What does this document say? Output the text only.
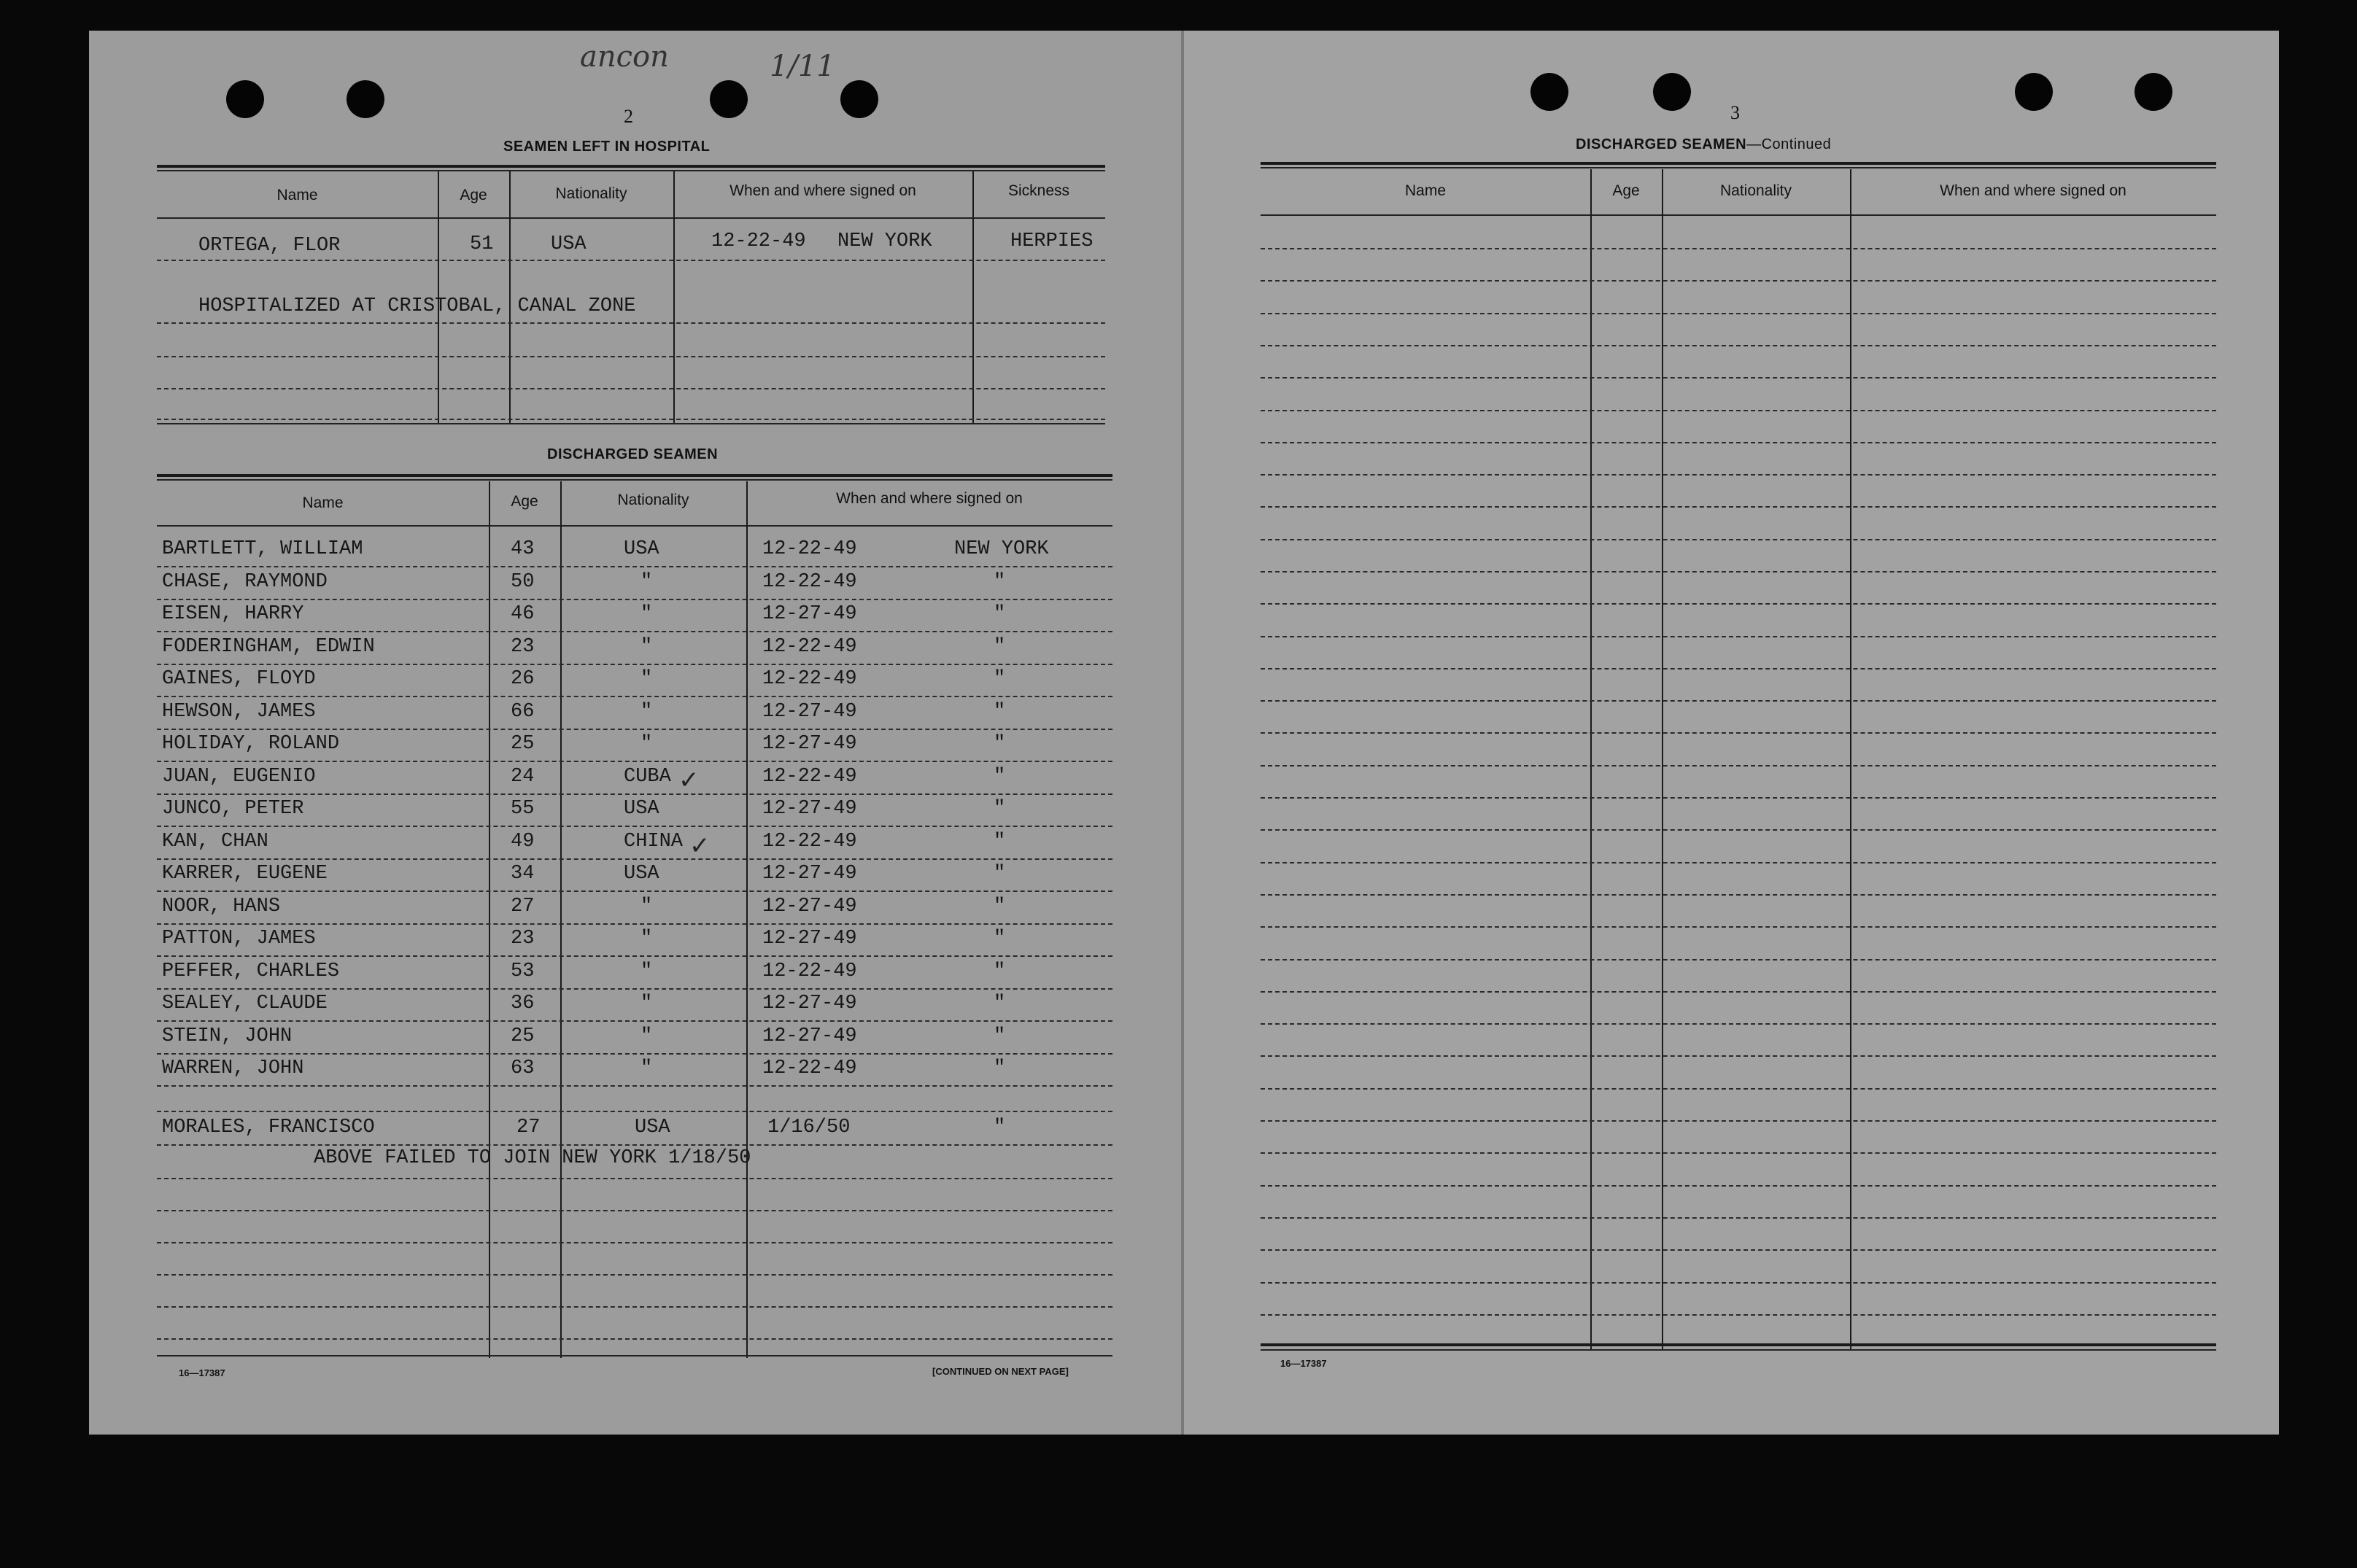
ancon	1/11
2
SEAMEN LEFT IN HOSPITAL
Name	Age	Nationality	When and where signed on	Sickness
ORTEGA, FLOR	51	USA	12-22-49 NEW YORK	HERPIES
HOSPITALIZED AT CRISTOBAL, CANAL ZONE
DISCHARGED SEAMEN
Name	Age	Nationality	When and where signed on
BARTLETT, WILLIAM	43	USA	12-22-49	NEW YORK
CHASE, RAYMOND	50	"	12-22-49	"
EISEN, HARRY	46	"	12-27-49	"
FODERINGHAM, EDWIN	23	"	12-22-49	"
GAINES, FLOYD	26	"	12-22-49	"
HEWSON, JAMES	66	"	12-27-49	"
HOLIDAY, ROLAND	25	"	12-27-49	"
JUAN, EUGENIO	24	CUBA	12-22-49	"
JUNCO, PETER	55	USA	12-27-49	"
KAN, CHAN	49	CHINA	12-22-49	"
KARRER, EUGENE	34	USA	12-27-49	"
NOOR, HANS	27	"	12-27-49	"
PATTON, JAMES	23	"	12-27-49	"
PEFFER, CHARLES	53	"	12-22-49	"
SEALEY, CLAUDE	36	"	12-27-49	"
STEIN, JOHN	25	"	12-27-49	"
WARREN, JOHN	63	"	12-22-49	"
MORALES, FRANCISCO	27	USA	1/16/50	"
ABOVE FAILED TO JOIN NEW YORK 1/18/50
✓
✓
16—17387	[CONTINUED ON NEXT PAGE]
3
DISCHARGED SEAMEN—Continued
Name	Age	Nationality	When and where signed on
16—17387
